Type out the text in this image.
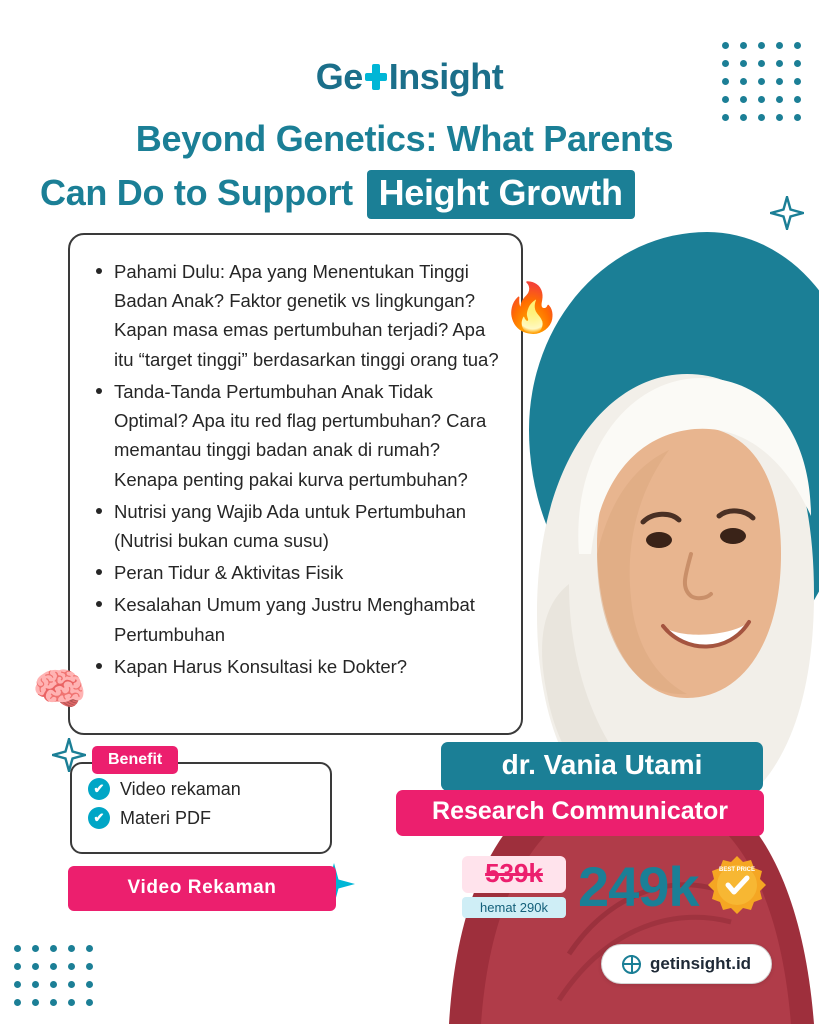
Ge Insight
Beyond Genetics: What Parents
Can Do to Support Height Growth
Pahami Dulu: Apa yang Menentukan Tinggi Badan Anak? Faktor genetik vs lingkungan? Kapan masa emas pertumbuhan terjadi? Apa itu “target tinggi” berdasarkan tinggi orang tua?
Tanda-Tanda Pertumbuhan Anak Tidak Optimal? Apa itu red flag pertumbuhan? Cara memantau tinggi badan anak di rumah? Kenapa penting pakai kurva pertumbuhan?
Nutrisi yang Wajib Ada untuk Pertumbuhan (Nutrisi bukan cuma susu)
Peran Tidur & Aktivitas Fisik
Kesalahan Umum yang Justru Menghambat Pertumbuhan
Kapan Harus Konsultasi ke Dokter?
🔥
🧠
✔ Video rekaman
✔ Materi PDF
Benefit
Video Rekaman
dr. Vania Utami
Research Communicator
539k
hemat 290k 249k	BEST PRICE
getinsight.id
